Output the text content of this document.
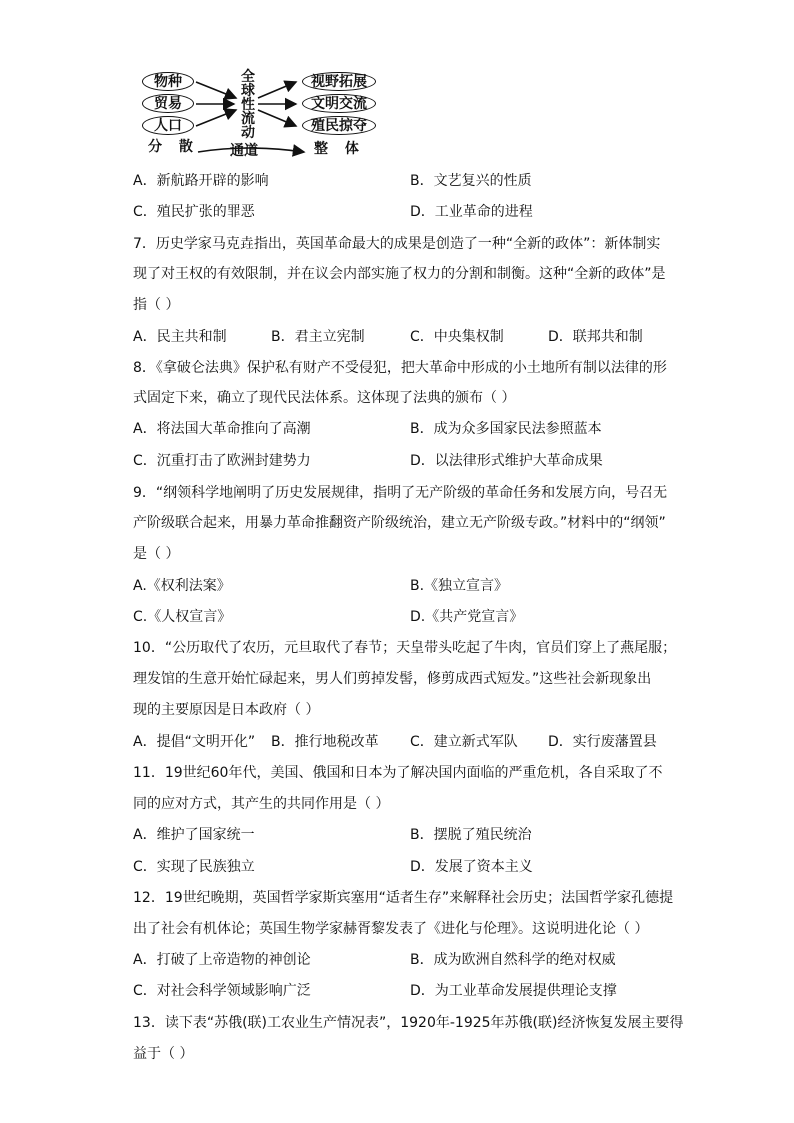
物种
贸易
人口
全
球
性
流
动
视野拓展
文明交流
殖民掠夺
分 散 通道	整 体
A．新航路开辟的影响	B．文艺复兴的性质
C．殖民扩张的罪恶	D．工业革命的进程
7．历史学家马克垚指出，英国革命最大的成果是创造了一种“全新的政体”：新体制实
现了对王权的有效限制，并在议会内部实施了权力的分割和制衡。这种“全新的政体”是
指（ ）
A．民主共和制	B．君主立宪制	C．中央集权制	D．联邦共和制
8．《拿破仑法典》保护私有财产不受侵犯，把大革命中形成的小土地所有制以法律的形
式固定下来，确立了现代民法体系。这体现了法典的颁布（ ）
A．将法国大革命推向了高潮	B．成为众多国家民法参照蓝本
C．沉重打击了欧洲封建势力	D．以法律形式维护大革命成果
9．“纲领科学地阐明了历史发展规律，指明了无产阶级的革命任务和发展方向，号召无
产阶级联合起来，用暴力革命推翻资产阶级统治，建立无产阶级专政。”材料中的“纲领”
是（ ）
A.《权利法案》	B.《独立宣言》
C.《人权宣言》	D.《共产党宣言》
10．“公历取代了农历，元旦取代了春节；天皇带头吃起了牛肉，官员们穿上了燕尾服；
理发馆的生意开始忙碌起来，男人们剪掉发髻，修剪成西式短发。”这些社会新现象出
现的主要原因是日本政府（ ）
A．提倡“文明开化” B．推行地税改革 C．建立新式军队 D．实行废藩置县
11．19世纪60年代，美国、俄国和日本为了解决国内面临的严重危机，各自采取了不
同的应对方式，其产生的共同作用是（ ）
A．维护了国家统一	B．摆脱了殖民统治
C．实现了民族独立	D．发展了资本主义
12．19世纪晚期，英国哲学家斯宾塞用“适者生存”来解释社会历史；法国哲学家孔德提
出了社会有机体论；英国生物学家赫胥黎发表了《进化与伦理》。这说明进化论（ ）
A．打破了上帝造物的神创论	B．成为欧洲自然科学的绝对权威
C．对社会科学领域影响广泛	D．为工业革命发展提供理论支撑
13．读下表“苏俄(联)工农业生产情况表”，1920年-1925年苏俄(联)经济恢复发展主要得
益于（ ）
